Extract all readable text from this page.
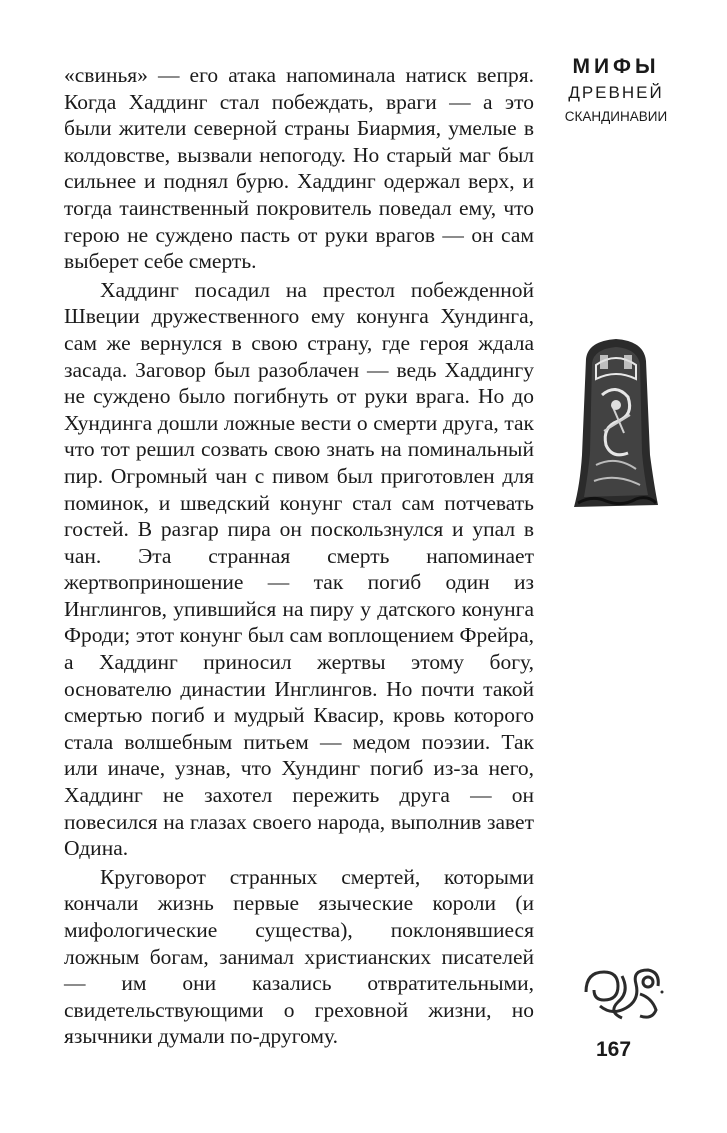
МИФЫ
ДРЕВНЕЙ
СКАНДИНАВИИ

«свинья» — его атака напоминала натиск вепря. Когда Хаддинг стал побеждать, враги — а это были жители северной страны Биармия, умелые в колдовстве, вызвали непогоду. Но старый маг был сильнее и поднял бурю. Хаддинг одержал верх, и тогда таинственный покровитель поведал ему, что герою не суждено пасть от руки врагов — он сам выберет себе смерть.

Хаддинг посадил на престол побежденной Швеции дружественного ему конунга Хундинга, сам же вернулся в свою страну, где героя ждала засада. Заговор был разоблачен — ведь Хаддингу не суждено было погибнуть от руки врага. Но до Хундинга дошли ложные вести о смерти друга, так что тот решил созвать свою знать на поминальный пир. Огромный чан с пивом был приготовлен для поминок, и шведский конунг стал сам потчевать гостей. В разгар пира он поскользнулся и упал в чан. Эта странная смерть напоминает жертвоприношение — так погиб один из Инглингов, упившийся на пиру у датского конунга Фроди; этот конунг был сам воплощением Фрейра, а Хаддинг приносил жертвы этому богу, основателю династии Инглингов. Но почти такой смертью погиб и мудрый Квасир, кровь которого стала волшебным питьем — медом поэзии. Так или иначе, узнав, что Хундинг погиб из-за него, Хаддинг не захотел пережить друга — он повесился на глазах своего народа, выполнив завет Одина.

Круговорот странных смертей, которыми кончали жизнь первые языческие короли (и мифологические существа), поклонявшиеся ложным богам, занимал христианских писателей — им они казались отвратительными, свидетельствующими о греховной жизни, но язычники думали по-другому.

167
